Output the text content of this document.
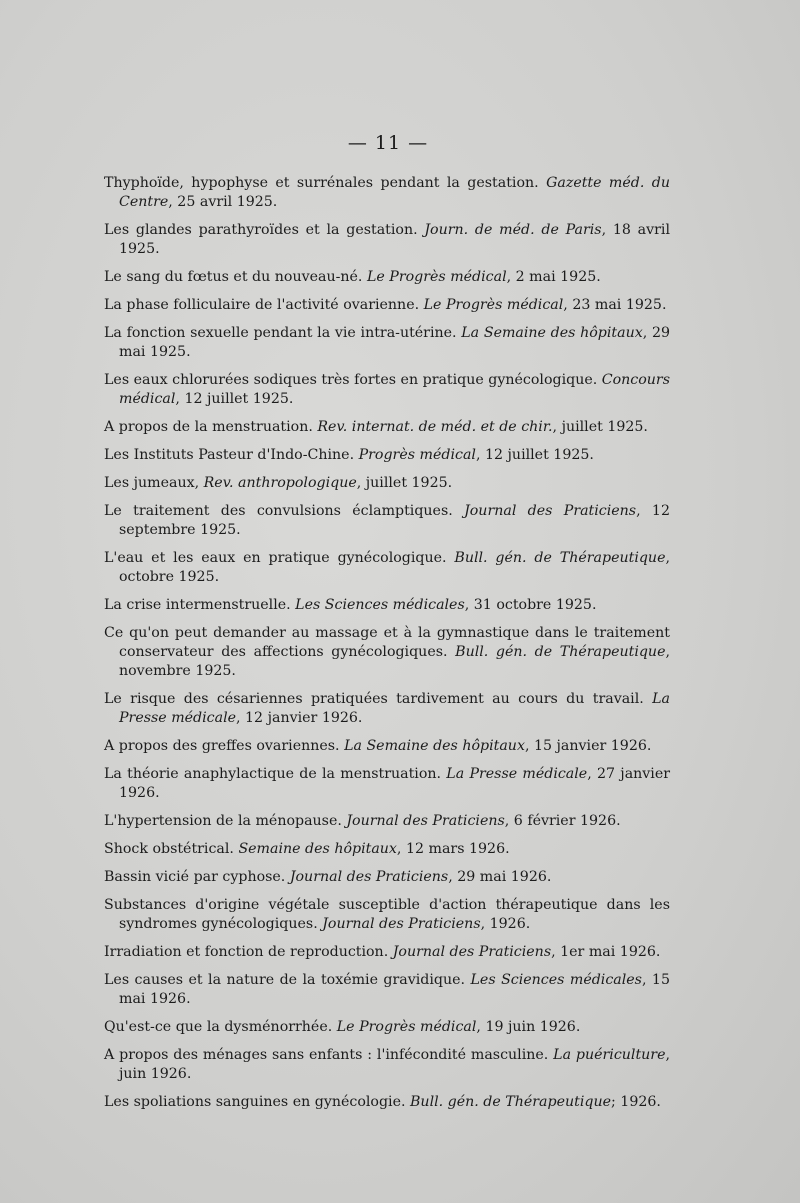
— 11 —
Thyphoïde, hypophyse et surrénales pendant la gestation. Gazette méd. du Centre, 25 avril 1925.
Les glandes parathyroïdes et la gestation. Journ. de méd. de Paris, 18 avril 1925.
Le sang du fœtus et du nouveau-né. Le Progrès médical, 2 mai 1925.
La phase folliculaire de l'activité ovarienne. Le Progrès médical, 23 mai 1925.
La fonction sexuelle pendant la vie intra-utérine. La Semaine des hôpitaux, 29 mai 1925.
Les eaux chlorurées sodiques très fortes en pratique gynécologique. Concours médical, 12 juillet 1925.
A propos de la menstruation. Rev. internat. de méd. et de chir., juillet 1925.
Les Instituts Pasteur d'Indo-Chine. Progrès médical, 12 juillet 1925.
Les jumeaux, Rev. anthropologique, juillet 1925.
Le traitement des convulsions éclamptiques. Journal des Praticiens, 12 septembre 1925.
L'eau et les eaux en pratique gynécologique. Bull. gén. de Thérapeutique, octobre 1925.
La crise intermenstruelle. Les Sciences médicales, 31 octobre 1925.
Ce qu'on peut demander au massage et à la gymnastique dans le traitement conservateur des affections gynécologiques. Bull. gén. de Thérapeutique, novembre 1925.
Le risque des césariennes pratiquées tardivement au cours du travail. La Presse médicale, 12 janvier 1926.
A propos des greffes ovariennes. La Semaine des hôpitaux, 15 janvier 1926.
La théorie anaphylactique de la menstruation. La Presse médicale, 27 janvier 1926.
L'hypertension de la ménopause. Journal des Praticiens, 6 février 1926.
Shock obstétrical. Semaine des hôpitaux, 12 mars 1926.
Bassin vicié par cyphose. Journal des Praticiens, 29 mai 1926.
Substances d'origine végétale susceptible d'action thérapeutique dans les syndromes gynécologiques. Journal des Praticiens, 1926.
Irradiation et fonction de reproduction. Journal des Praticiens, 1er mai 1926.
Les causes et la nature de la toxémie gravidique. Les Sciences médicales, 15 mai 1926.
Qu'est-ce que la dysménorrhée. Le Progrès médical, 19 juin 1926.
A propos des ménages sans enfants : l'infécondité masculine. La puériculture, juin 1926.
Les spoliations sanguines en gynécologie. Bull. gén. de Thérapeutique; 1926.
